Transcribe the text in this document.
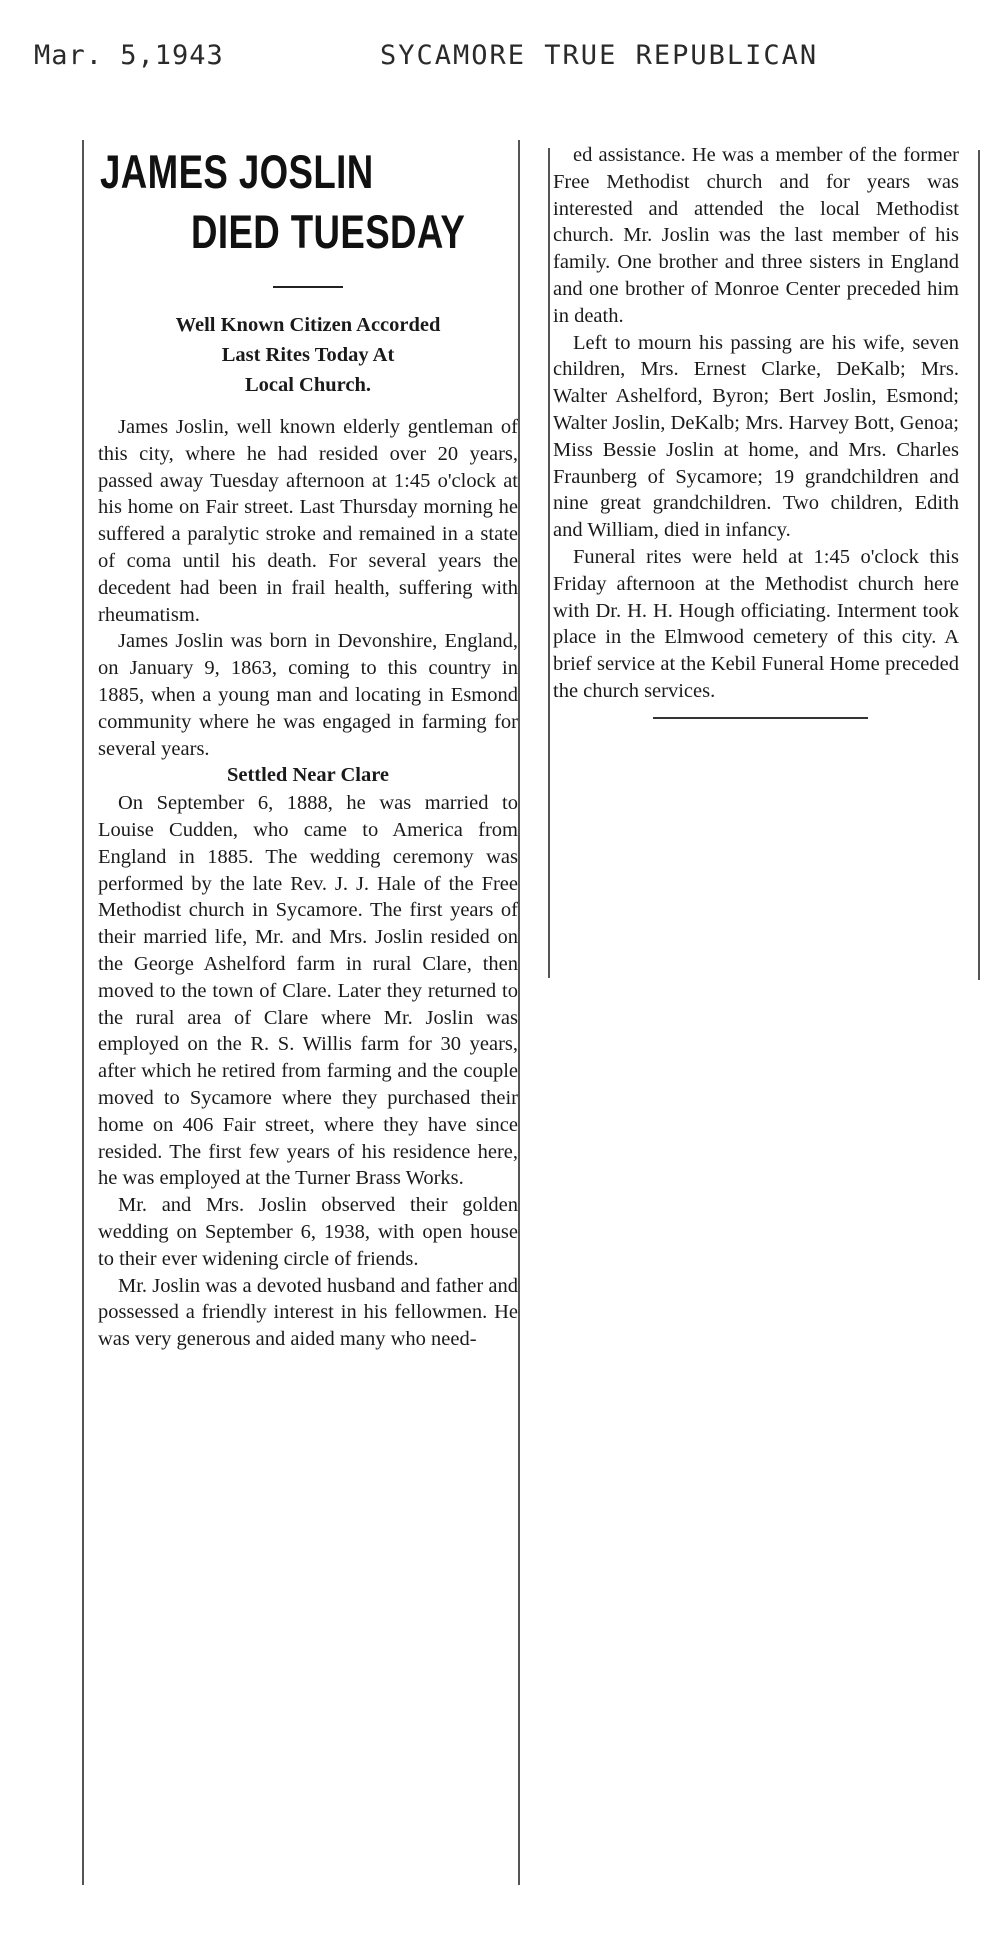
Mar. 5,1943	SYCAMORE TRUE REPUBLICAN
JAMES JOSLIN
DIED TUESDAY

Well Known Citizen Accorded
Last Rites Today At
Local Church.

James Joslin, well known elderly gentleman of this city, where he had resided over 20 years, passed away Tuesday afternoon at 1:45 o'clock at his home on Fair street. Last Thursday morning he suffered a paralytic stroke and remained in a state of coma until his death. For several years the decedent had been in frail health, suffering with rheumatism.

James Joslin was born in Devonshire, England, on January 9, 1863, coming to this country in 1885, when a young man and locating in Esmond community where he was engaged in farming for several years.

Settled Near Clare

On September 6, 1888, he was married to Louise Cudden, who came to America from England in 1885. The wedding ceremony was performed by the late Rev. J. J. Hale of the Free Methodist church in Sycamore. The first years of their married life, Mr. and Mrs. Joslin resided on the George Ashelford farm in rural Clare, then moved to the town of Clare. Later they returned to the rural area of Clare where Mr. Joslin was employed on the R. S. Willis farm for 30 years, after which he retired from farming and the couple moved to Sycamore where they purchased their home on 406 Fair street, where they have since resided. The first few years of his residence here, he was employed at the Turner Brass Works.

Mr. and Mrs. Joslin observed their golden wedding on September 6, 1938, with open house to their ever widening circle of friends.

Mr. Joslin was a devoted husband and father and possessed a friendly interest in his fellowmen. He was very generous and aided many who need-

ed assistance. He was a member of the former Free Methodist church and for years was interested and attended the local Methodist church. Mr. Joslin was the last member of his family. One brother and three sisters in England and one brother of Monroe Center preceded him in death.

Left to mourn his passing are his wife, seven children, Mrs. Ernest Clarke, DeKalb; Mrs. Walter Ashelford, Byron; Bert Joslin, Esmond; Walter Joslin, DeKalb; Mrs. Harvey Bott, Genoa; Miss Bessie Joslin at home, and Mrs. Charles Fraunberg of Sycamore; 19 grandchildren and nine great grandchildren. Two children, Edith and William, died in infancy.

Funeral rites were held at 1:45 o'clock this Friday afternoon at the Methodist church here with Dr. H. H. Hough officiating. Interment took place in the Elmwood cemetery of this city. A brief service at the Kebil Funeral Home preceded the church services.
